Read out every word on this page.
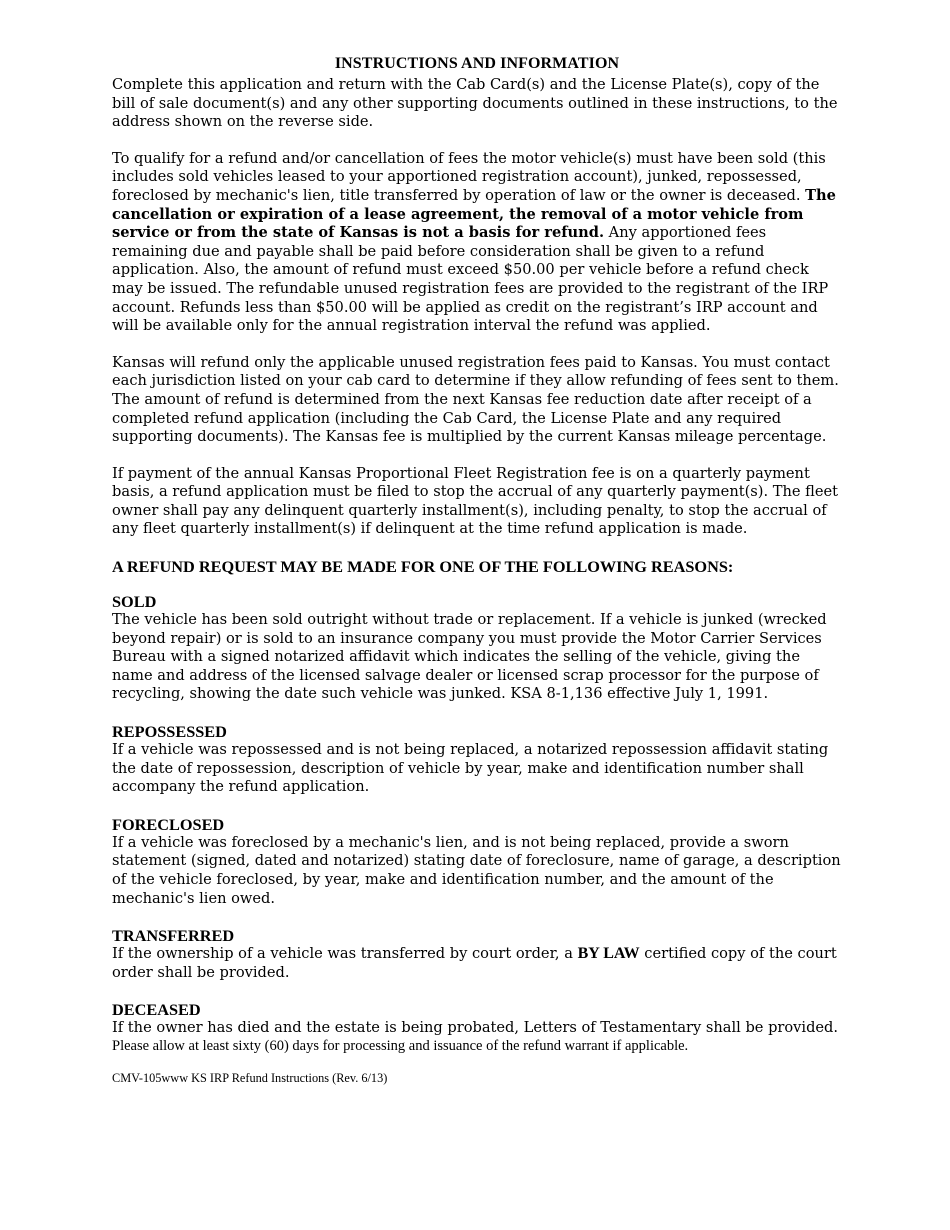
INSTRUCTIONS AND INFORMATION

Complete this application and return with the Cab Card(s) and the License Plate(s), copy of the bill of sale document(s) and any other supporting documents outlined in these instructions, to the address shown on the reverse side.

To qualify for a refund and/or cancellation of fees the motor vehicle(s) must have been sold (this includes sold vehicles leased to your apportioned registration account), junked, repossessed, foreclosed by mechanic's lien, title transferred by operation of law or the owner is deceased. The cancellation or expiration of a lease agreement, the removal of a motor vehicle from service or from the state of Kansas is not a basis for refund. Any apportioned fees remaining due and payable shall be paid before consideration shall be given to a refund application. Also, the amount of refund must exceed $50.00 per vehicle before a refund check may be issued. The refundable unused registration fees are provided to the registrant of the IRP account. Refunds less than $50.00 will be applied as credit on the registrant’s IRP account and will be available only for the annual registration interval the refund was applied.

Kansas will refund only the applicable unused registration fees paid to Kansas. You must contact each jurisdiction listed on your cab card to determine if they allow refunding of fees sent to them. The amount of refund is determined from the next Kansas fee reduction date after receipt of a completed refund application (including the Cab Card, the License Plate and any required supporting documents). The Kansas fee is multiplied by the current Kansas mileage percentage.

If payment of the annual Kansas Proportional Fleet Registration fee is on a quarterly payment basis, a refund application must be filed to stop the accrual of any quarterly payment(s). The fleet owner shall pay any delinquent quarterly installment(s), including penalty, to stop the accrual of any fleet quarterly installment(s) if delinquent at the time refund application is made.

A REFUND REQUEST MAY BE MADE FOR ONE OF THE FOLLOWING REASONS:
SOLD

The vehicle has been sold outright without trade or replacement. If a vehicle is junked (wrecked beyond repair) or is sold to an insurance company you must provide the Motor Carrier Services Bureau with a signed notarized affidavit which indicates the selling of the vehicle, giving the name and address of the licensed salvage dealer or licensed scrap processor for the purpose of recycling, showing the date such vehicle was junked. KSA 8-1,136 effective July 1, 1991.

REPOSSESSED

If a vehicle was repossessed and is not being replaced, a notarized repossession affidavit stating the date of repossession, description of vehicle by year, make and identification number shall accompany the refund application.

FORECLOSED

If a vehicle was foreclosed by a mechanic's lien, and is not being replaced, provide a sworn statement (signed, dated and notarized) stating date of foreclosure, name of garage, a description of the vehicle foreclosed, by year, make and identification number, and the amount of the mechanic's lien owed.

TRANSFERRED

If the ownership of a vehicle was transferred by court order, a BY LAW certified copy of the court order shall be provided.

DECEASED

If the owner has died and the estate is being probated, Letters of Testamentary shall be provided.

Please allow at least sixty (60) days for processing and issuance of the refund warrant if applicable.

CMV-105www KS IRP Refund Instructions (Rev. 6/13)
